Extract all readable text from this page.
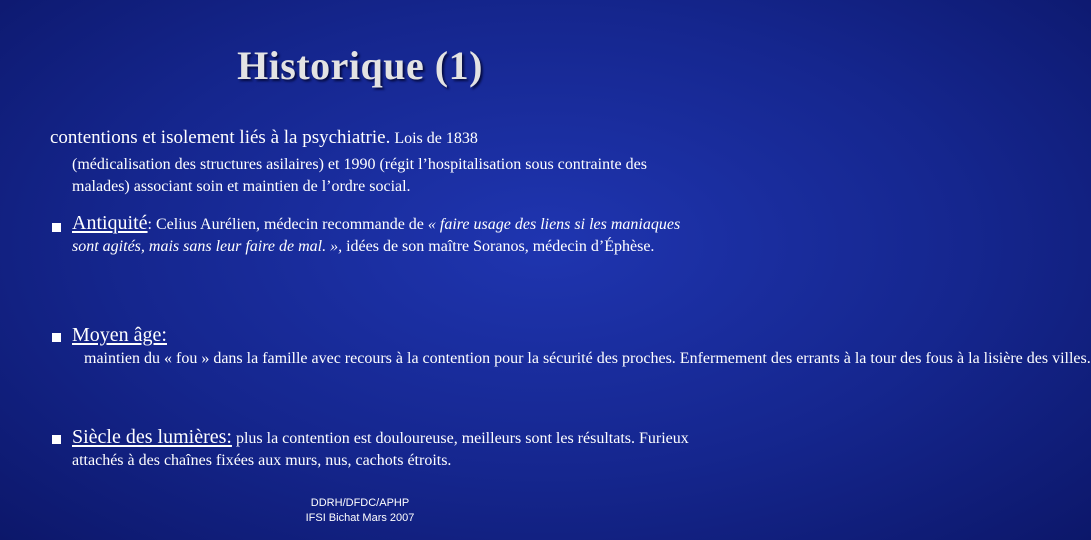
Historique (1)
contentions et isolement liés à la psychiatrie. Lois de 1838
(médicalisation des structures asilaires) et 1990 (régit l’hospitalisation sous contrainte des malades) associant soin et maintien de l’ordre social.
Antiquité: Celius Aurélien, médecin recommande de « faire usage des liens si les maniaques sont agités, mais sans leur faire de mal. », idées de son maître Soranos, médecin d’Éphèse.
Moyen âge:   maintien du « fou » dans la famille avec recours à la contention pour la sécurité des proches. Enfermement des errants à la tour des fous à la lisière des villes.
Siècle des lumières: plus la contention est douloureuse, meilleurs sont les résultats. Furieux attachés à des chaînes fixées aux murs, nus, cachots étroits.
DDRH/DFDC/APHP
IFSI Bichat Mars 2007
